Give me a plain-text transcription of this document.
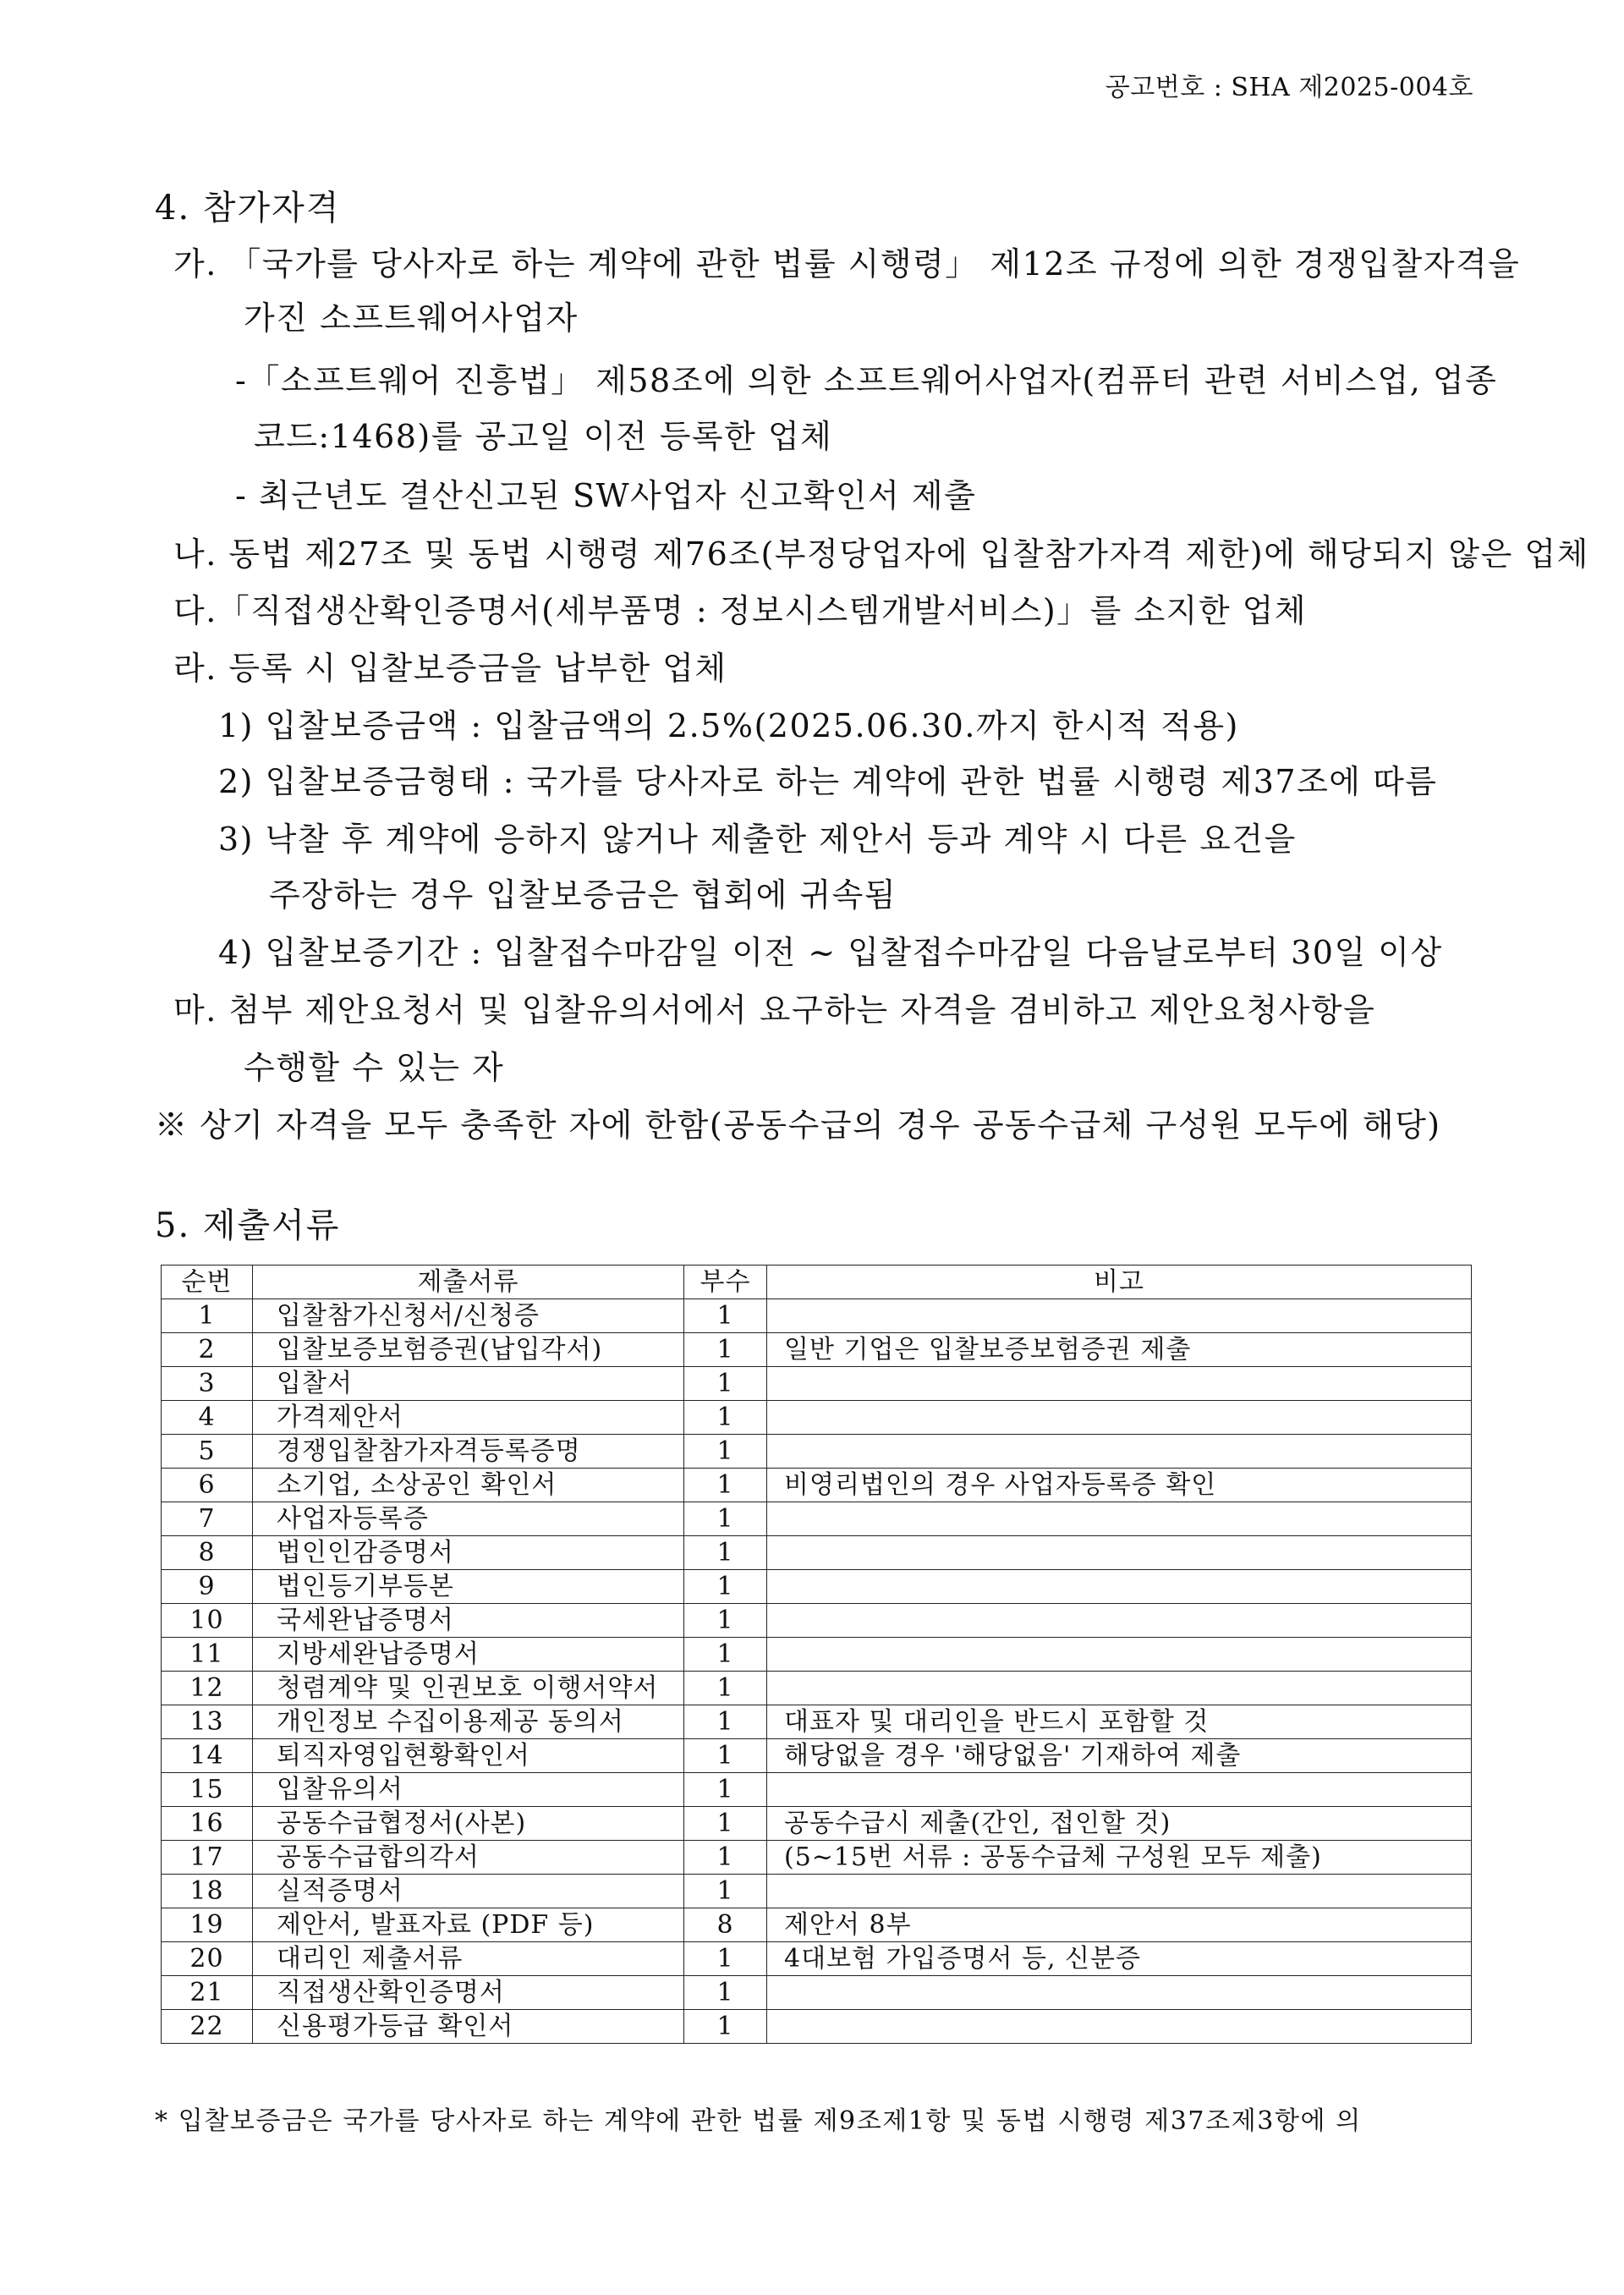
공고번호 : SHA 제2025-004호
4. 참가자격
가. 「국가를 당사자로 하는 계약에 관한 법률 시행령」 제12조 규정에 의한 경쟁입찰자격을
가진 소프트웨어사업자
-「소프트웨어 진흥법」 제58조에 의한 소프트웨어사업자(컴퓨터 관련 서비스업, 업종
코드:1468)를 공고일 이전 등록한 업체
- 최근년도 결산신고된 SW사업자 신고확인서 제출
나. 동법 제27조 및 동법 시행령 제76조(부정당업자에 입찰참가자격 제한)에 해당되지 않은 업체
다.「직접생산확인증명서(세부품명 : 정보시스템개발서비스)」를 소지한 업체
라. 등록 시 입찰보증금을 납부한 업체
1) 입찰보증금액 : 입찰금액의 2.5%(2025.06.30.까지 한시적 적용)
2) 입찰보증금형태 : 국가를 당사자로 하는 계약에 관한 법률 시행령 제37조에 따름
3) 낙찰 후 계약에 응하지 않거나 제출한 제안서 등과 계약 시 다른 요건을
주장하는 경우 입찰보증금은 협회에 귀속됨
4) 입찰보증기간 : 입찰접수마감일 이전 ~ 입찰접수마감일 다음날로부터 30일 이상
마. 첨부 제안요청서 및 입찰유의서에서 요구하는 자격을 겸비하고 제안요청사항을
수행할 수 있는 자
※ 상기 자격을 모두 충족한 자에 한함(공동수급의 경우 공동수급체 구성원 모두에 해당)
5. 제출서류
순번	제출서류	부수	비고
1	입찰참가신청서/신청증	1	
2	입찰보증보험증권(납입각서)	1	일반 기업은 입찰보증보험증권 제출
3	입찰서	1	
4	가격제안서	1	
5	경쟁입찰참가자격등록증명	1	
6	소기업, 소상공인 확인서	1	비영리법인의 경우 사업자등록증 확인
7	사업자등록증	1	
8	법인인감증명서	1	
9	법인등기부등본	1	
10	국세완납증명서	1	
11	지방세완납증명서	1	
12	청렴계약 및 인권보호 이행서약서	1	
13	개인정보 수집이용제공 동의서	1	대표자 및 대리인을 반드시 포함할 것
14	퇴직자영입현황확인서	1	해당없을 경우 '해당없음' 기재하여 제출
15	입찰유의서	1	
16	공동수급협정서(사본)	1	공동수급시 제출(간인, 접인할 것)
17	공동수급합의각서	1	(5~15번 서류 : 공동수급체 구성원 모두 제출)
18	실적증명서	1	
19	제안서, 발표자료 (PDF 등)	8	제안서 8부
20	대리인 제출서류	1	4대보험 가입증명서 등, 신분증
21	직접생산확인증명서	1	
22	신용평가등급 확인서	1	
* 입찰보증금은 국가를 당사자로 하는 계약에 관한 법률 제9조제1항 및 동법 시행령 제37조제3항에 의
